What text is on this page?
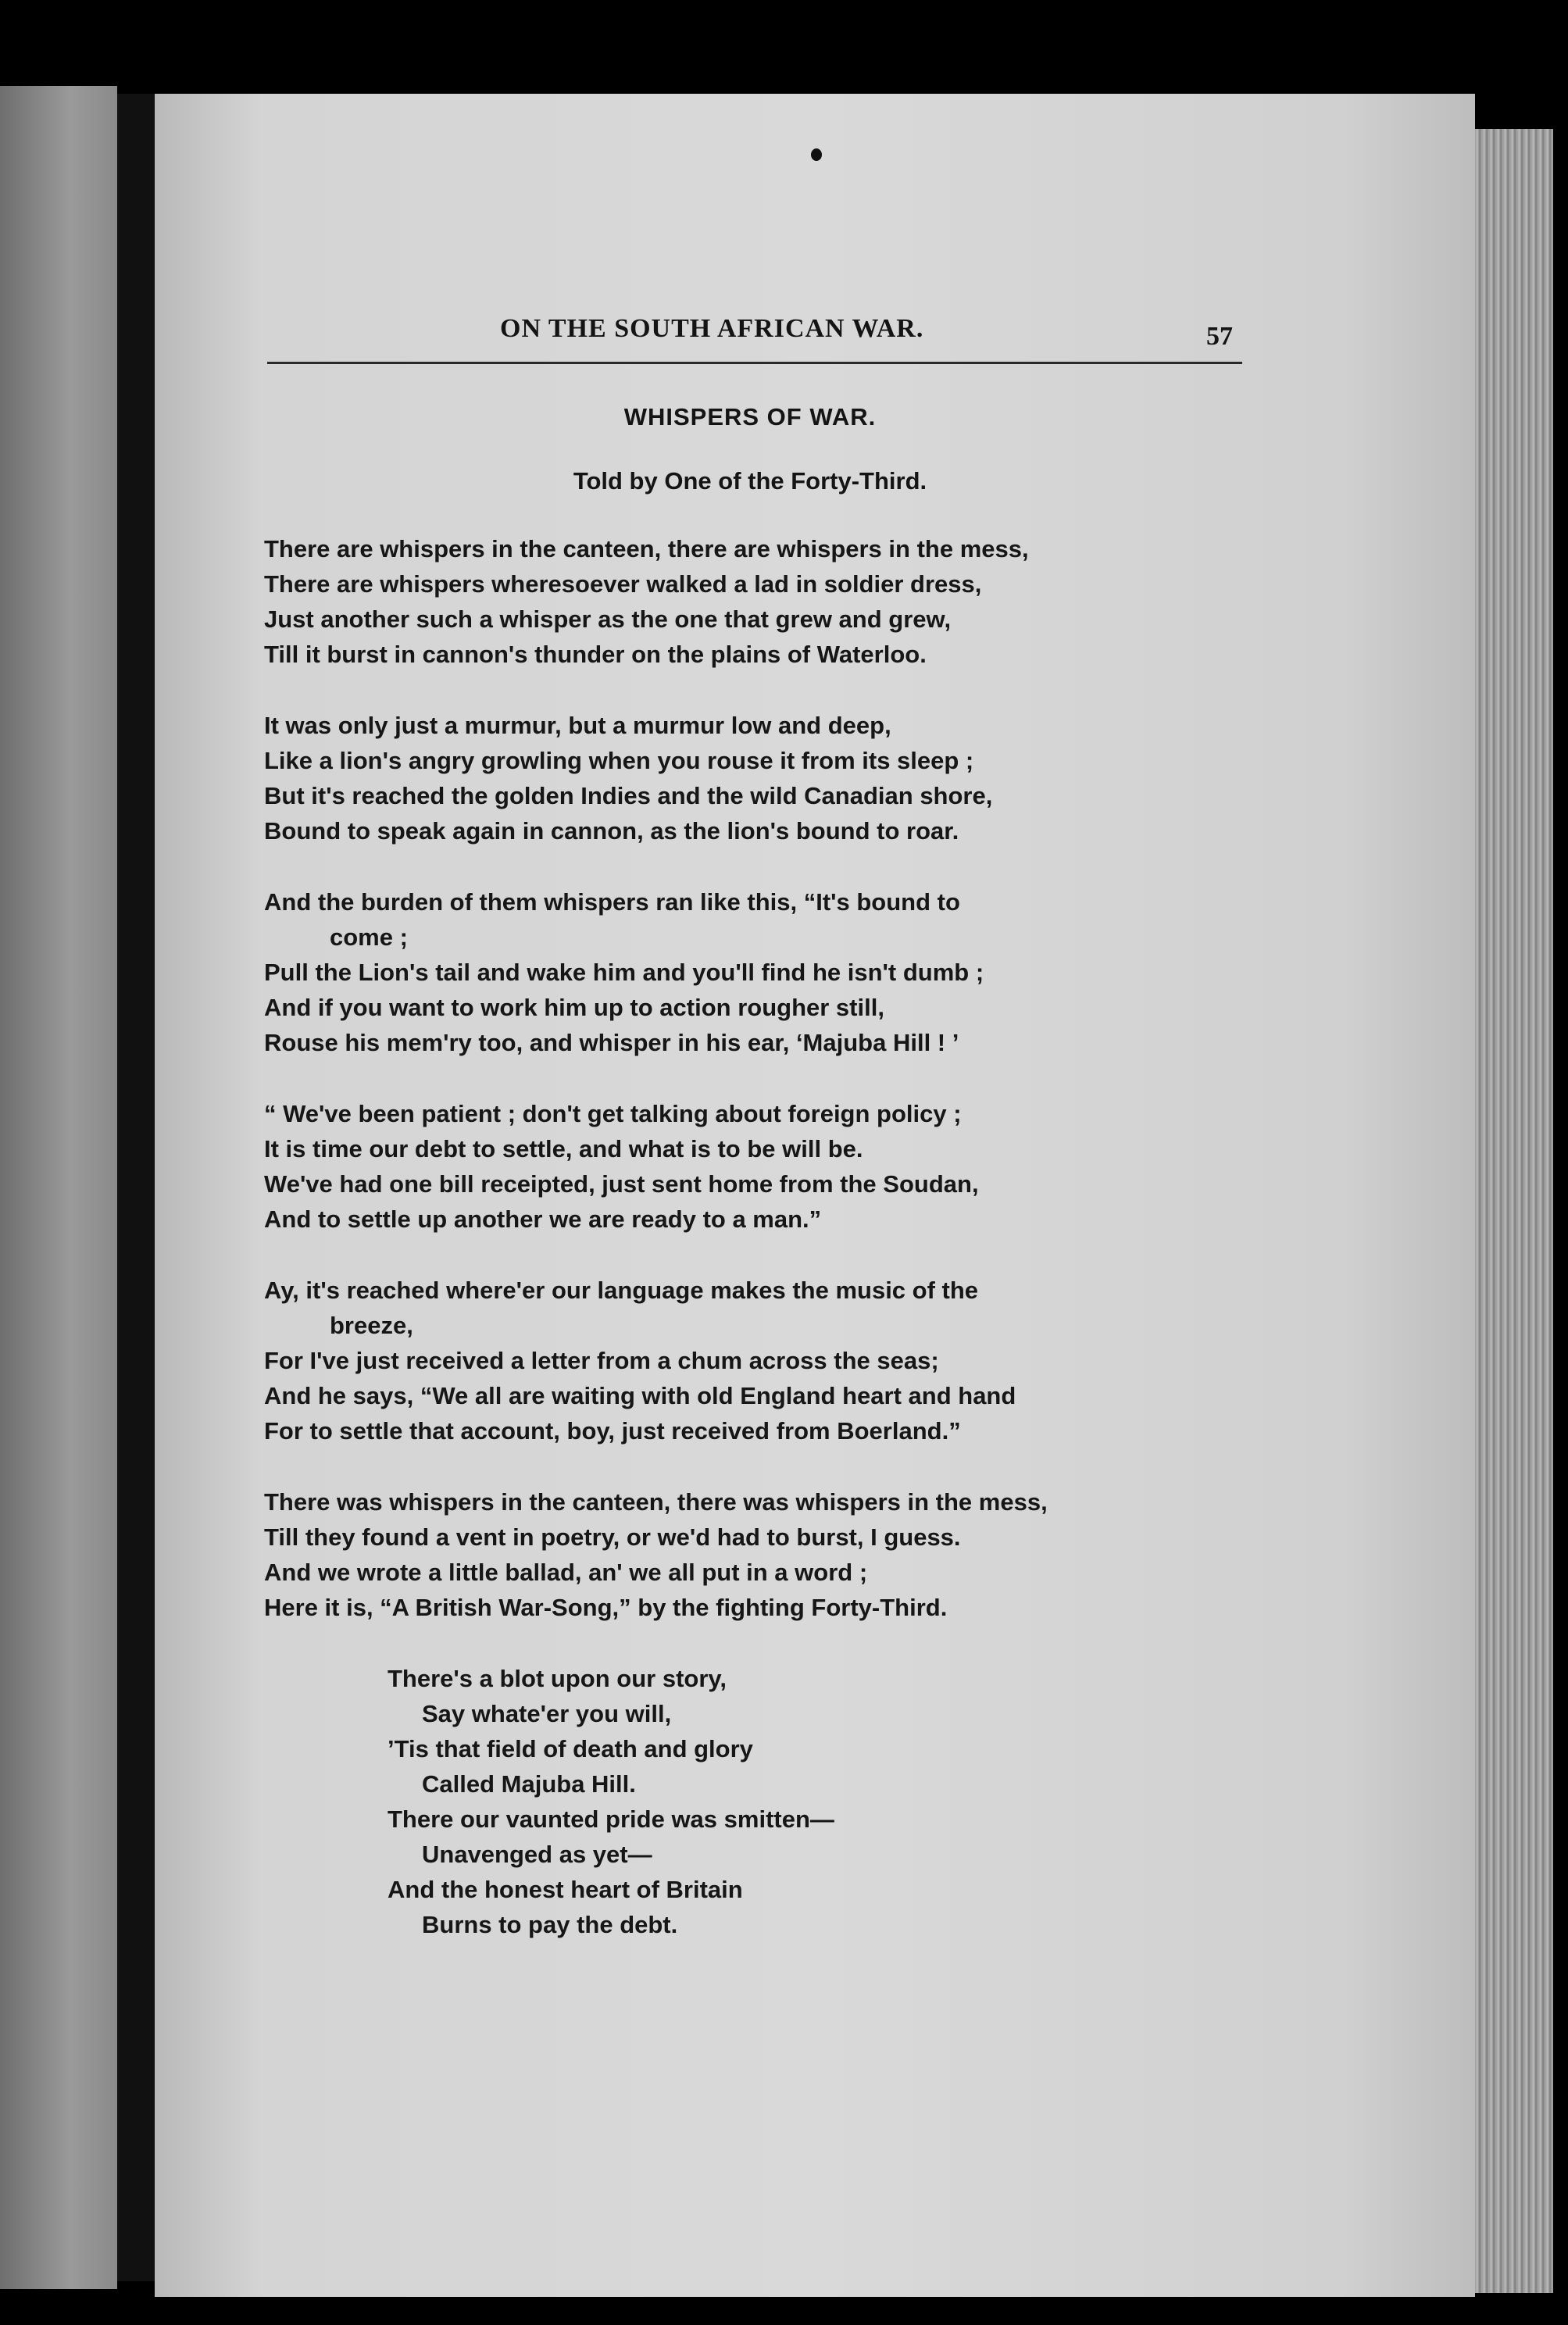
ON THE SOUTH AFRICAN WAR.	57
WHISPERS OF WAR.
Told by One of the Forty-Third.
There are whispers in the canteen, there are whispers in the mess,
There are whispers wheresoever walked a lad in soldier dress,
Just another such a whisper as the one that grew and grew,
Till it burst in cannon's thunder on the plains of Waterloo.
It was only just a murmur, but a murmur low and deep,
Like a lion's angry growling when you rouse it from its sleep ;
But it's reached the golden Indies and the wild Canadian shore,
Bound to speak again in cannon, as the lion's bound to roar.
And the burden of them whispers ran like this, “It's bound to
come ;
Pull the Lion's tail and wake him and you'll find he isn't dumb ;
And if you want to work him up to action rougher still,
Rouse his mem'ry too, and whisper in his ear, ‘Majuba Hill ! ’
“ We've been patient ; don't get talking about foreign policy ;
It is time our debt to settle, and what is to be will be.
We've had one bill receipted, just sent home from the Soudan,
And to settle up another we are ready to a man.”
Ay, it's reached where'er our language makes the music of the
breeze,
For I've just received a letter from a chum across the seas;
And he says, “We all are waiting with old England heart and hand
For to settle that account, boy, just received from Boerland.”
There was whispers in the canteen, there was whispers in the mess,
Till they found a vent in poetry, or we'd had to burst, I guess.
And we wrote a little ballad, an' we all put in a word ;
Here it is, “A British War-Song,” by the fighting Forty-Third.
There's a blot upon our story,
Say whate'er you will,
’Tis that field of death and glory
Called Majuba Hill.
There our vaunted pride was smitten—
Unavenged as yet—
And the honest heart of Britain
Burns to pay the debt.
